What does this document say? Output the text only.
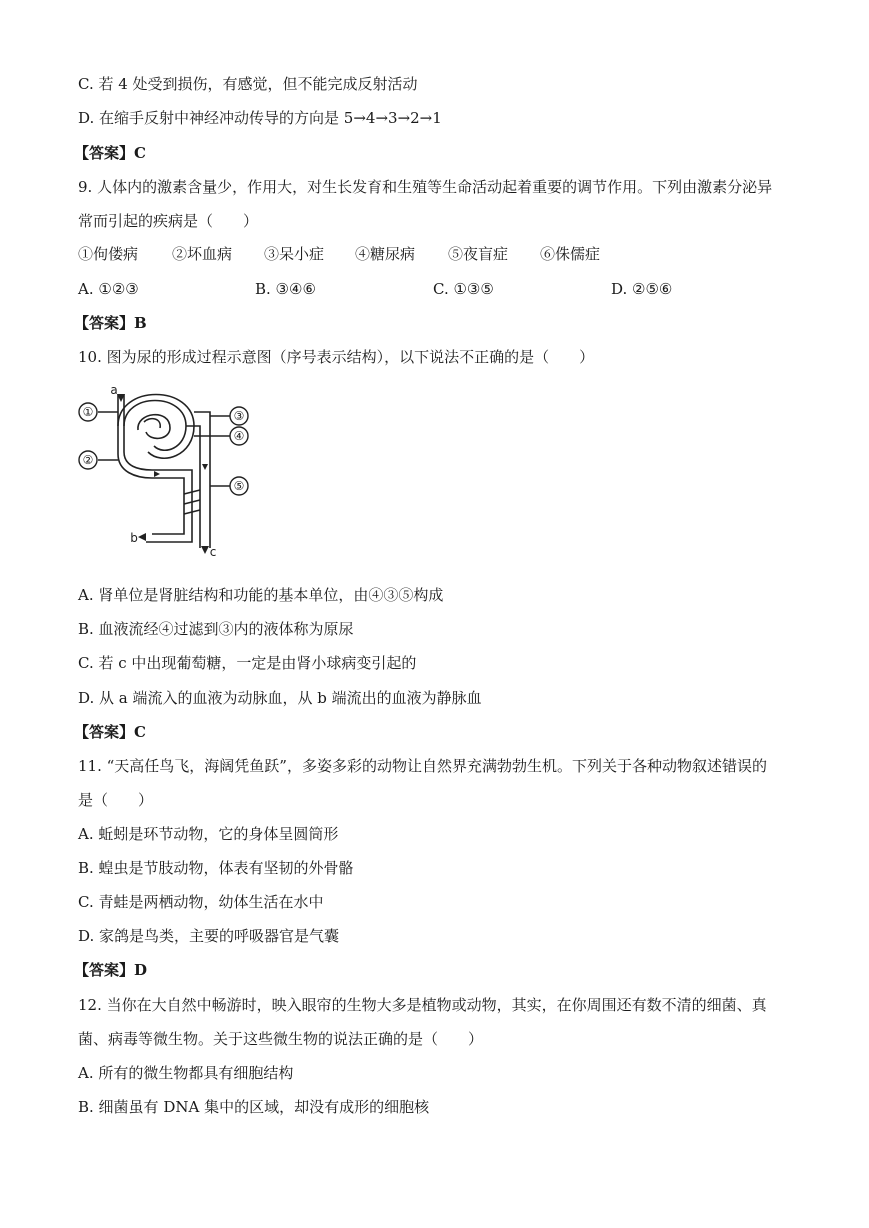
C. 若 4 处受到损伤，有感觉，但不能完成反射活动
D. 在缩手反射中神经冲动传导的方向是 5→4→3→2→1
【答案】C
9. 人体内的激素含量少，作用大，对生长发育和生殖等生命活动起着重要的调节作用。下列由激素分泌异
常而引起的疾病是（　　）
①佝偻病 ②坏血病 ③呆小症 ④糖尿病 ⑤夜盲症 ⑥侏儒症
A. ①②③	B. ③④⑥	C. ①③⑤	D. ②⑤⑥
【答案】B
10. 图为尿的形成过程示意图（序号表示结构），以下说法不正确的是（　　）
①
②
③
④
⑤
a
b
c
A. 肾单位是肾脏结构和功能的基本单位，由④③⑤构成
B. 血液流经④过滤到③内的液体称为原尿
C. 若 c 中出现葡萄糖，一定是由肾小球病变引起的
D. 从 a 端流入的血液为动脉血，从 b 端流出的血液为静脉血
【答案】C
11. “天高任鸟飞，海阔凭鱼跃”，多姿多彩的动物让自然界充满勃勃生机。下列关于各种动物叙述错误的
是（　　）
A. 蚯蚓是环节动物，它的身体呈圆筒形
B. 蝗虫是节肢动物，体表有坚韧的外骨骼
C. 青蛙是两栖动物，幼体生活在水中
D. 家鸽是鸟类，主要的呼吸器官是气囊
【答案】D
12. 当你在大自然中畅游时，映入眼帘的生物大多是植物或动物，其实，在你周围还有数不清的细菌、真
菌、病毒等微生物。关于这些微生物的说法正确的是（　　）
A. 所有的微生物都具有细胞结构
B. 细菌虽有 DNA 集中的区域，却没有成形的细胞核
